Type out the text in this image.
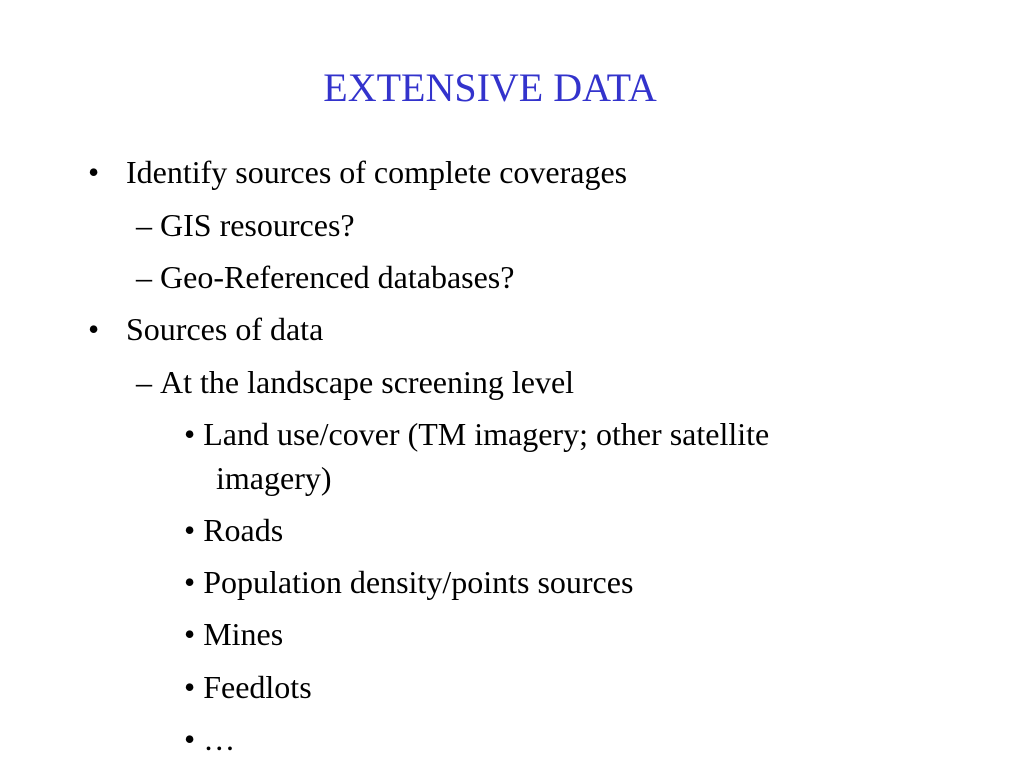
EXTENSIVE DATA
• Identify sources of complete coverages
– GIS resources?
– Geo-Referenced databases?
• Sources of data
– At the landscape screening level
• Land use/cover (TM imagery; other satellite
imagery)
• Roads
• Population density/points sources
• Mines
• Feedlots
• …
